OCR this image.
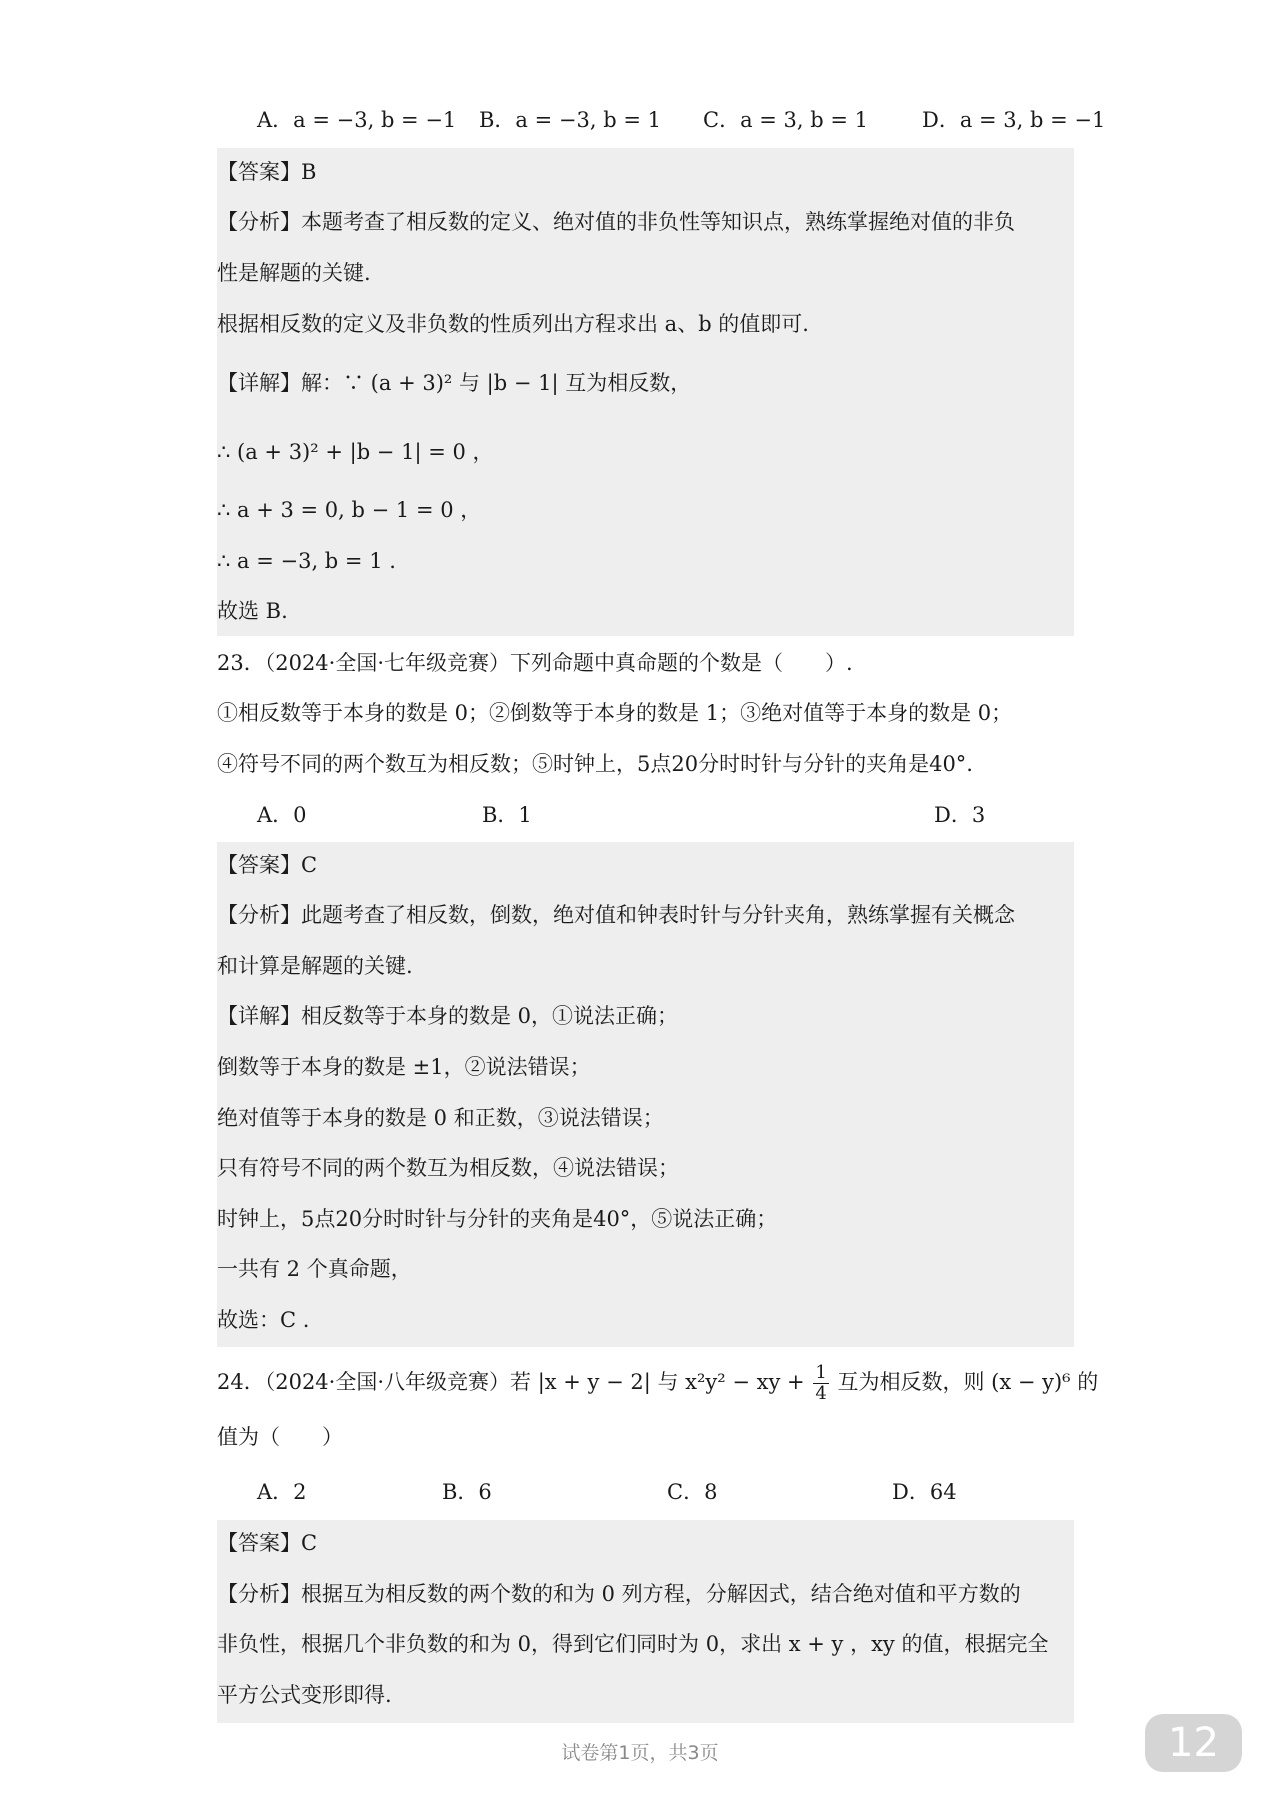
A．a = −3, b = −1 B．a = −3, b = 1 C．a = 3, b = 1	D．a = 3, b = −1
【答案】B
【分析】本题考查了相反数的定义、绝对值的非负性等知识点，熟练掌握绝对值的非负
性是解题的关键.
根据相反数的定义及非负数的性质列出方程求出 a、b 的值即可.
【详解】解：∵ (a + 3)² 与 |b − 1| 互为相反数，
∴ (a + 3)² + |b − 1| = 0 ，
∴ a + 3 = 0, b − 1 = 0 ，
∴ a = −3, b = 1 .
故选 B.
23．（2024·全国·七年级竞赛）下列命题中真命题的个数是（　　）.
①相反数等于本身的数是 0；②倒数等于本身的数是 1；③绝对值等于本身的数是 0；
④符号不同的两个数互为相反数；⑤时钟上，5点20分时时针与分针的夹角是40°.
A．0	B．1	D．3
【答案】C
【分析】此题考查了相反数，倒数，绝对值和钟表时针与分针夹角，熟练掌握有关概念
和计算是解题的关键.
【详解】相反数等于本身的数是 0，①说法正确；
倒数等于本身的数是 ±1，②说法错误；
绝对值等于本身的数是 0 和正数，③说法错误；
只有符号不同的两个数互为相反数，④说法错误；
时钟上，5点20分时时针与分针的夹角是40°，⑤说法正确；
一共有 2 个真命题，
故选：C .
24．（2024·全国·八年级竞赛）若 |x + y − 2| 与 x²y² − xy + $\frac{1}{4}$ 互为相反数，则 (x − y)⁶ 的
值为（　　）
A．2	B．6	C．8	D．64
【答案】C
【分析】根据互为相反数的两个数的和为 0 列方程，分解因式，结合绝对值和平方数的
非负性，根据几个非负数的和为 0，得到它们同时为 0，求出 x + y ，xy 的值，根据完全
平方公式变形即得.
试卷第1页，共3页	12
